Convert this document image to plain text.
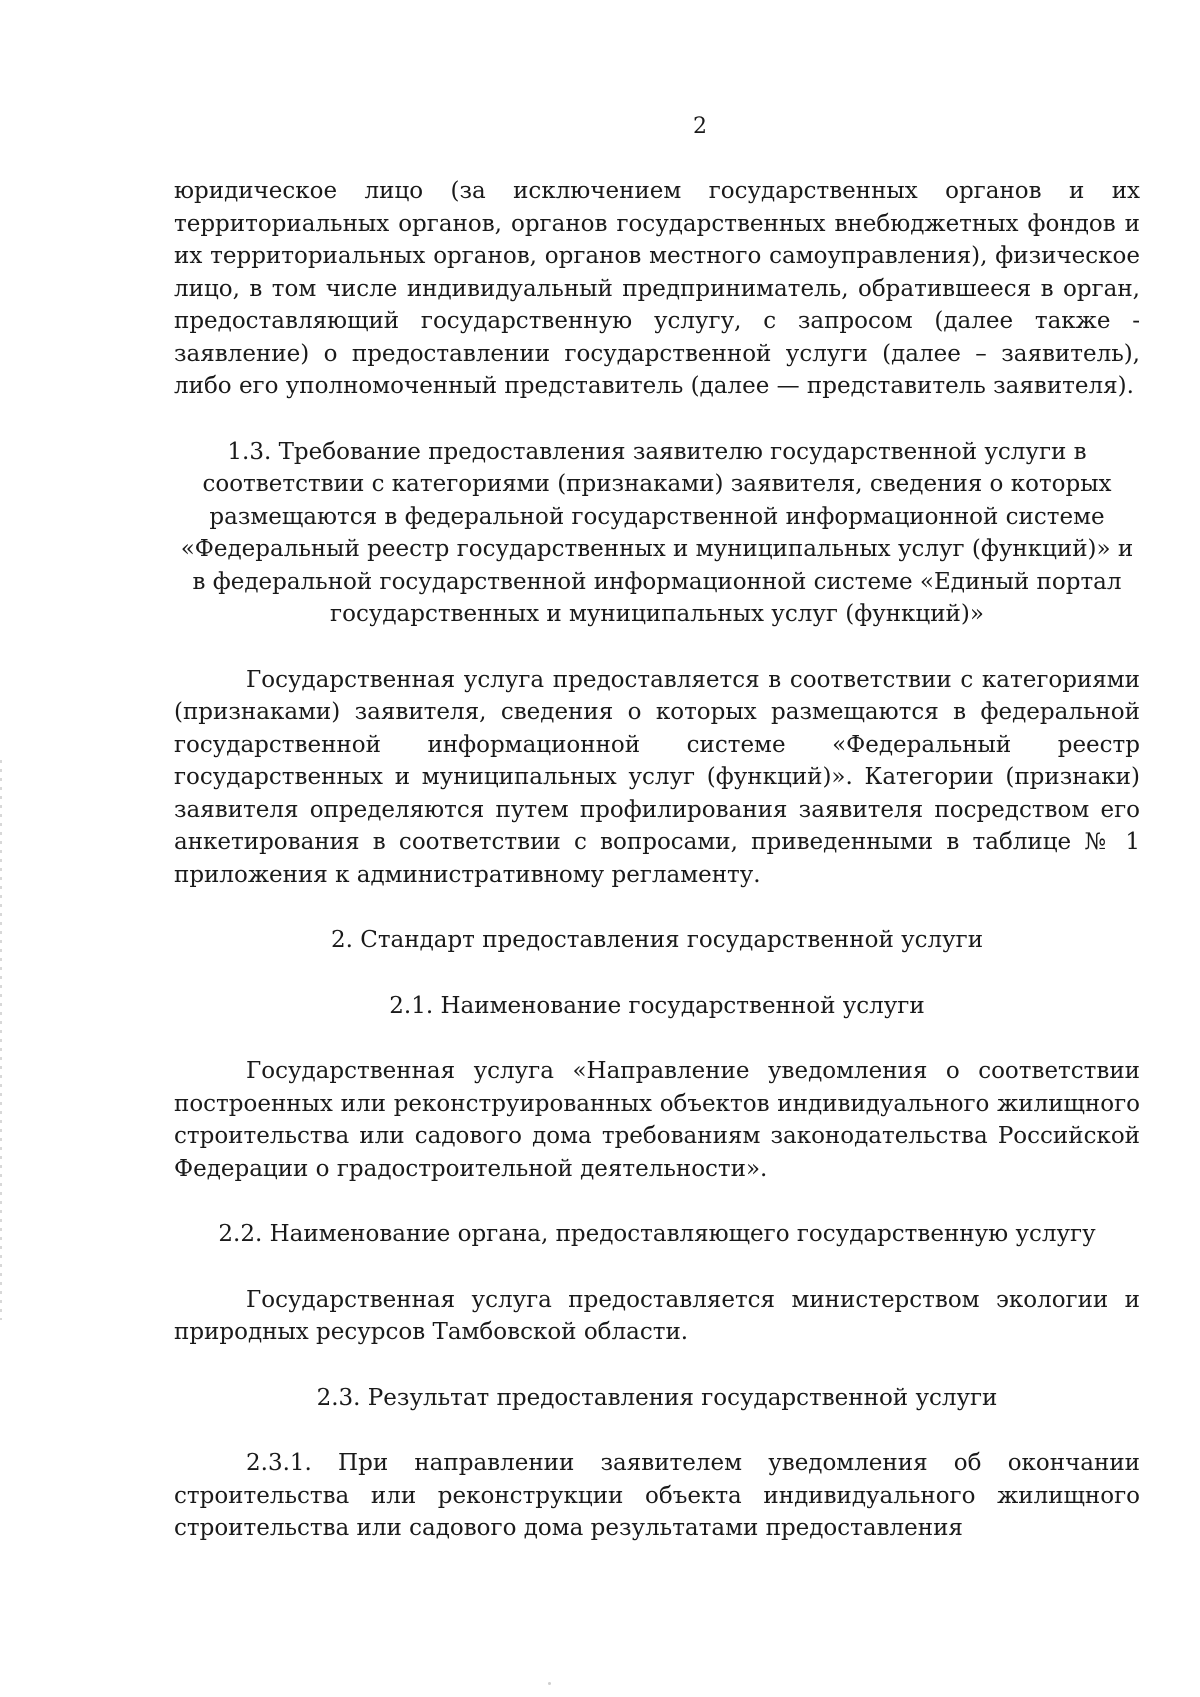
2

юридическое лицо (за исключением государственных органов и их территориальных органов, органов государственных внебюджетных фондов и их территориальных органов, органов местного самоуправления), физическое лицо, в том числе индивидуальный предприниматель, обратившееся в орган, предоставляющий государственную услугу, с запросом (далее также - заявление) о предоставлении государственной услуги (далее – заявитель), либо его уполномоченный представитель (далее — представитель заявителя).

1.3. Требование предоставления заявителю государственной услуги в соответствии с категориями (признаками) заявителя, сведения о которых размещаются в федеральной государственной информационной системе «Федеральный реестр государственных и муниципальных услуг (функций)» и в федеральной государственной информационной системе «Единый портал государственных и муниципальных услуг (функций)»

Государственная услуга предоставляется в соответствии с категориями (признаками) заявителя, сведения о которых размещаются в федеральной государственной информационной системе «Федеральный реестр государственных и муниципальных услуг (функций)». Категории (признаки) заявителя определяются путем профилирования заявителя посредством его анкетирования в соответствии с вопросами, приведенными в таблице № 1 приложения к административному регламенту.

2. Стандарт предоставления государственной услуги

2.1. Наименование государственной услуги

Государственная услуга «Направление уведомления о соответствии построенных или реконструированных объектов индивидуального жилищного строительства или садового дома требованиям законодательства Российской Федерации о градостроительной деятельности».

2.2. Наименование органа, предоставляющего государственную услугу

Государственная услуга предоставляется министерством экологии и природных ресурсов Тамбовской области.

2.3. Результат предоставления государственной услуги

2.3.1. При направлении заявителем уведомления об окончании строительства или реконструкции объекта индивидуального жилищного строительства или садового дома результатами предоставления
